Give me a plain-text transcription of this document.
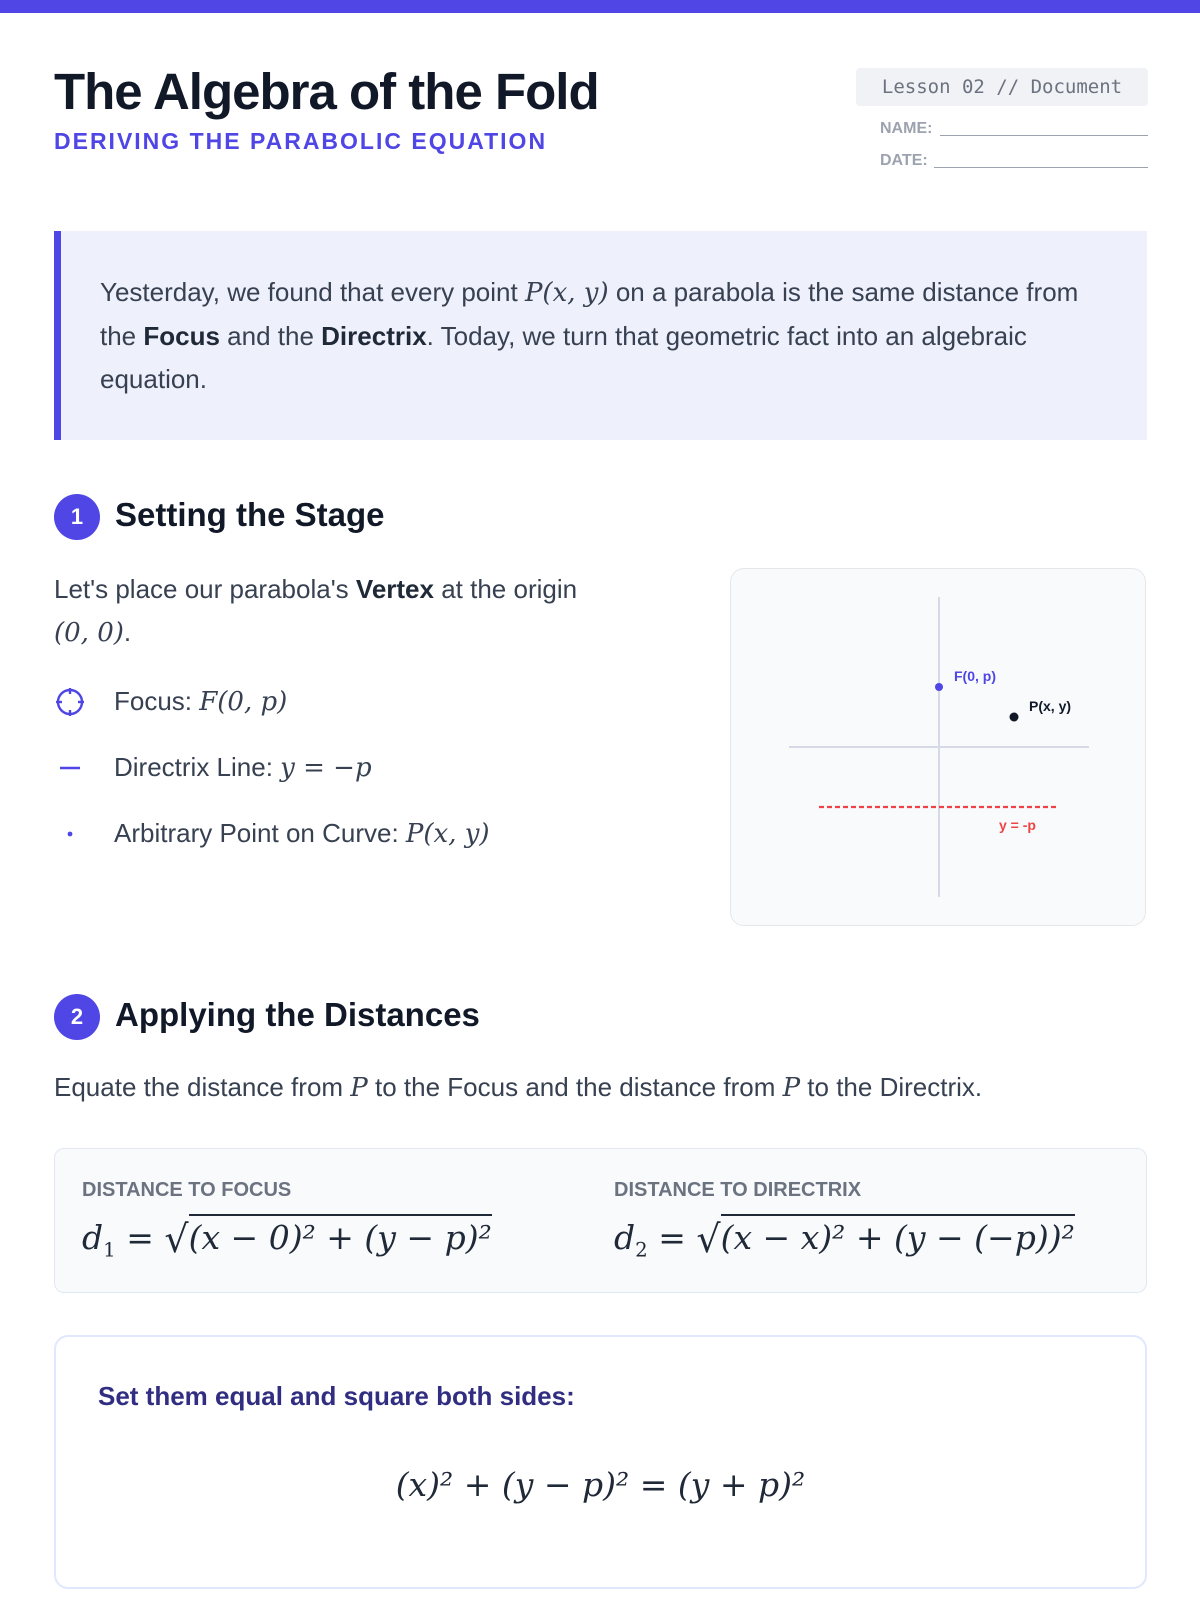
The Algebra of the Fold
DERIVING THE PARABOLIC EQUATION
Lesson 02 // Document
NAME:
DATE:
Yesterday, we found that every point P(x, y) on a parabola is the same distance from the Focus and the Directrix. Today, we turn that geometric fact into an algebraic equation.
1 Setting the Stage
Let's place our parabola's Vertex at the origin
(0, 0).
Focus: F(0, p)
Directrix Line: y = −p
Arbitrary Point on Curve: P(x, y)
F(0, p)
P(x, y)
y = -p
2 Applying the Distances
Equate the distance from P to the Focus and the distance from P to the Directrix.
DISTANCE TO FOCUS
$d_1 = √(x - 0)^2 + (y - p)^2$
DISTANCE TO DIRECTRIX
$d_2 = √(x - x)^2 + (y - (-p))^2$
Set them equal and square both sides:
(x)² + (y − p)² = (y + p)²
